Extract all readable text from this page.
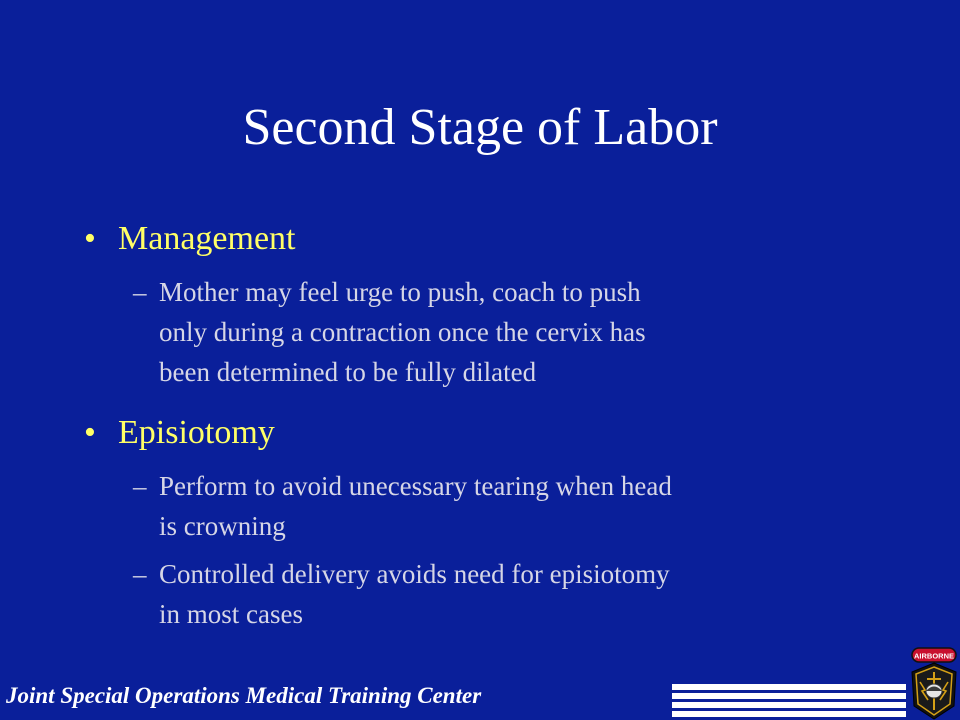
Second Stage of Labor

• Management

– Mother may feel urge to push, coach to push
only during a contraction once the cervix has
been determined to be fully dilated

• Episiotomy

– Perform to avoid unecessary tearing when head
is crowning
– Controlled delivery avoids need for episiotomy
in most cases
Joint Special Operations Medical Training Center
AIRBORNE
